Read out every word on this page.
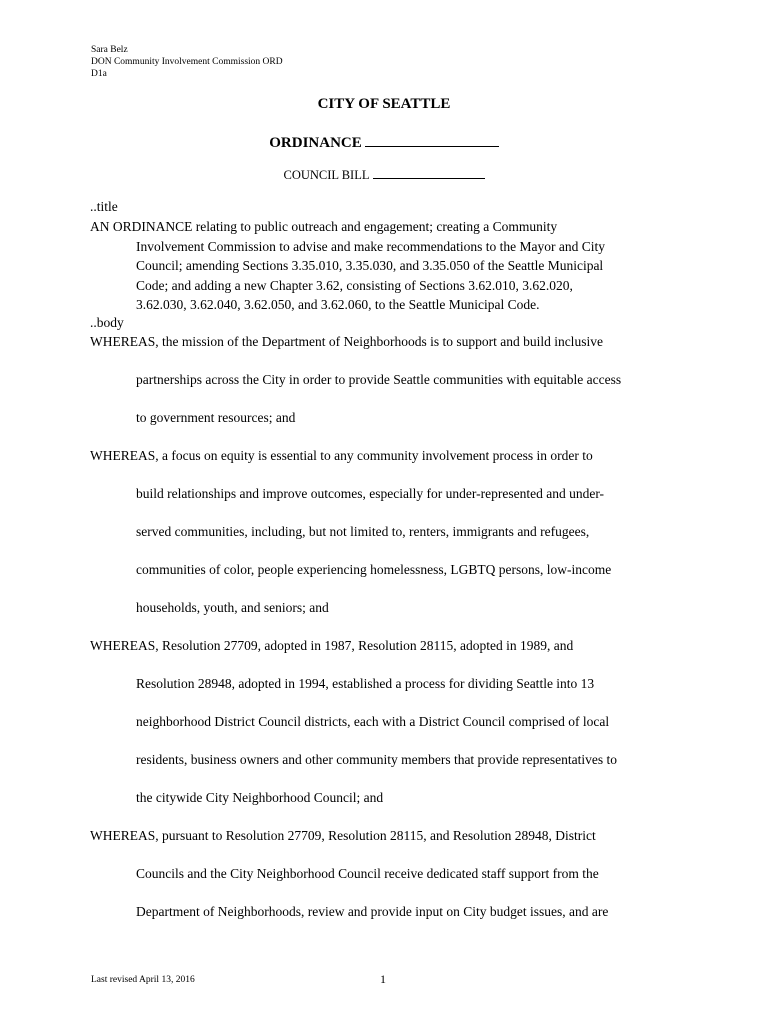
Sara Belz
DON Community Involvement Commission ORD
D1a
CITY OF SEATTLE
ORDINANCE
COUNCIL BILL
..title
AN ORDINANCE relating to public outreach and engagement; creating a Community
Involvement Commission to advise and make recommendations to the Mayor and City
Council; amending Sections 3.35.010, 3.35.030, and 3.35.050 of the Seattle Municipal
Code; and adding a new Chapter 3.62, consisting of Sections 3.62.010, 3.62.020,
3.62.030, 3.62.040, 3.62.050, and 3.62.060, to the Seattle Municipal Code.
..body
WHEREAS, the mission of the Department of Neighborhoods is to support and build inclusive
partnerships across the City in order to provide Seattle communities with equitable access
to government resources; and
WHEREAS, a focus on equity is essential to any community involvement process in order to
build relationships and improve outcomes, especially for under-represented and under-
served communities, including, but not limited to, renters, immigrants and refugees,
communities of color, people experiencing homelessness, LGBTQ persons, low-income
households, youth, and seniors; and
WHEREAS, Resolution 27709, adopted in 1987, Resolution 28115, adopted in 1989, and
Resolution 28948, adopted in 1994, established a process for dividing Seattle into 13
neighborhood District Council districts, each with a District Council comprised of local
residents, business owners and other community members that provide representatives to
the citywide City Neighborhood Council; and
WHEREAS, pursuant to Resolution 27709, Resolution 28115, and Resolution 28948, District
Councils and the City Neighborhood Council receive dedicated staff support from the
Department of Neighborhoods, review and provide input on City budget issues, and are
Last revised April 13, 2016	1
